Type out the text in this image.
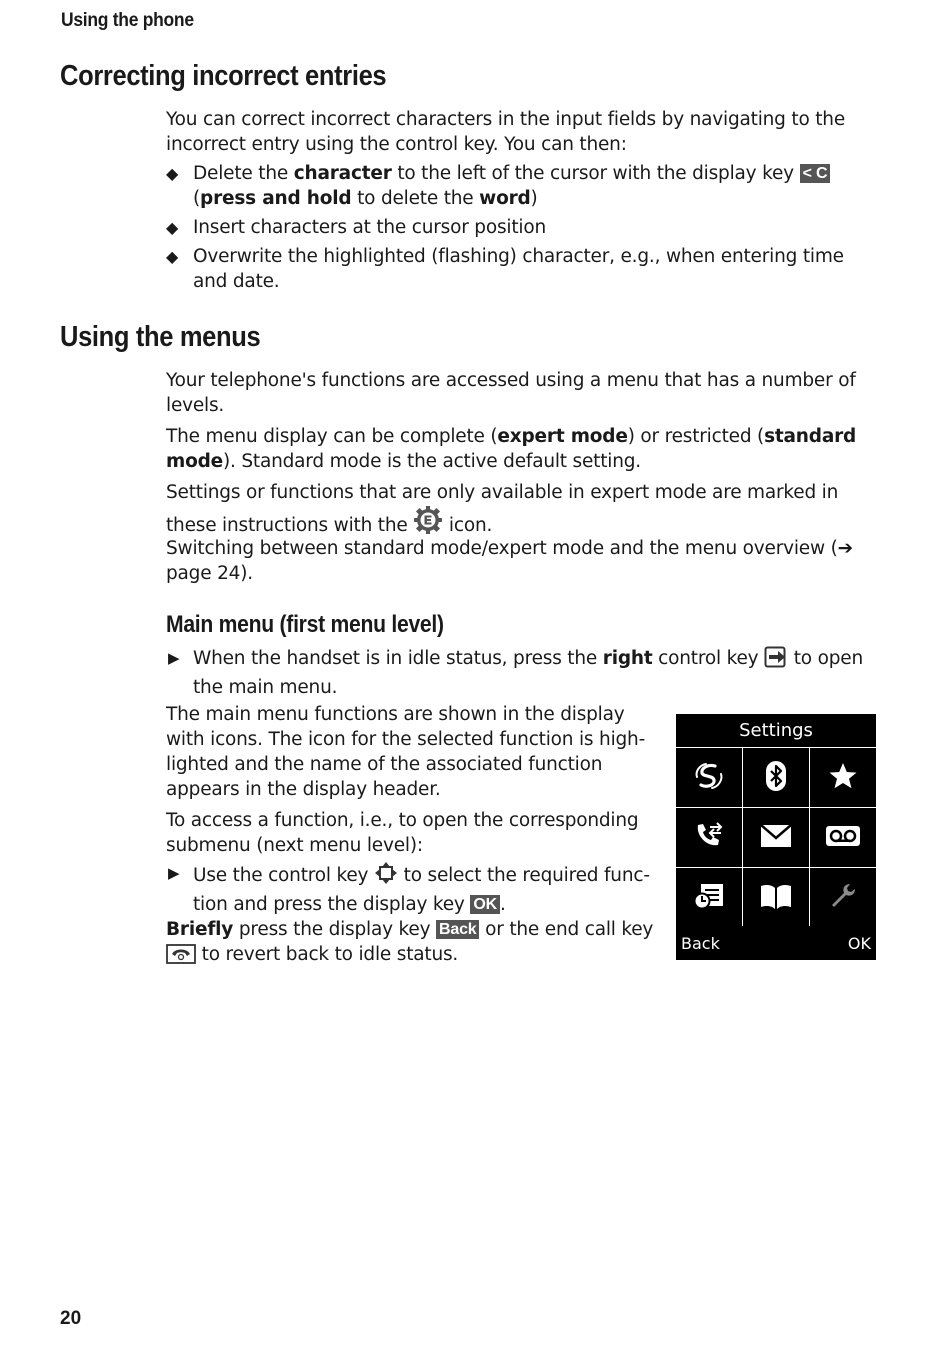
Using the phone
Correcting incorrect entries

You can correct incorrect characters in the input fields by navigating to the incorrect entry using the control key. You can then:

◆ Delete the character to the left of the cursor with the display key < C
(press and hold to delete the word)
◆ Insert characters at the cursor position
◆ Overwrite the highlighted (flashing) character, e.g., when entering time and date.
Using the menus

Your telephone's functions are accessed using a menu that has a number of levels.

The menu display can be complete (expert mode) or restricted (standard mode). Standard mode is the active default setting.

Settings or functions that are only available in expert mode are marked in these instructions with the  icon.

Switching between standard mode/expert mode and the menu overview (➔ page 24).

Main menu (first menu level)
▶ When the handset is in idle status, press the right control key  to open the main menu.

The main menu functions are shown in the display with icons. The icon for the selected function is high-lighted and the name of the associated function appears in the display header.

To access a function, i.e., to open the corresponding submenu (next menu level):

▶ Use the control key  to select the required func-tion and press the display key OK .

Briefly press the display key Back or the end call key  to revert back to idle status.

Settings
Back	OK
20
